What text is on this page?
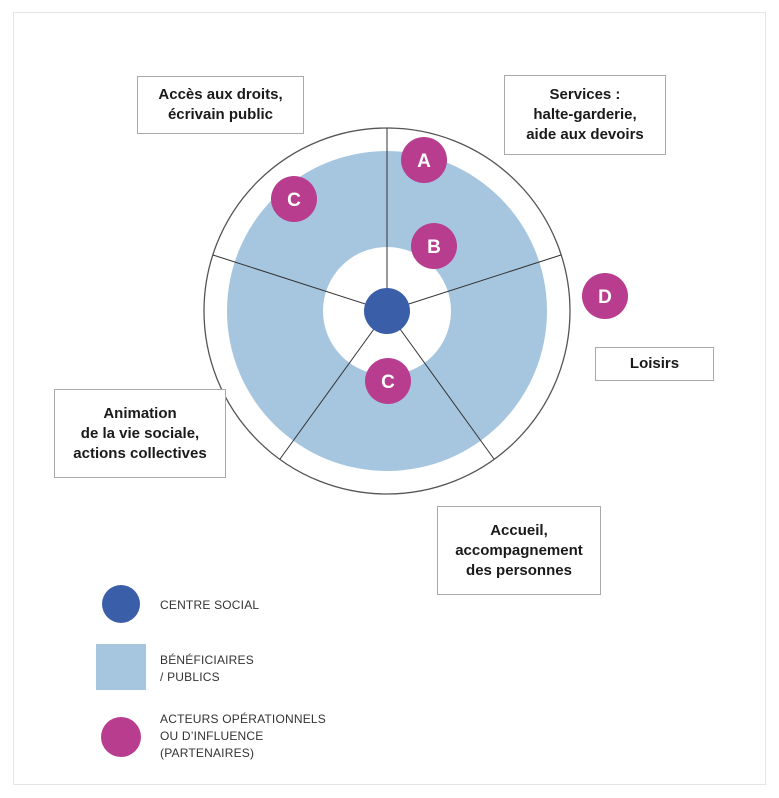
A
B
C
C
D
Accès aux droits,
écrivain public
Services :
halte-garderie,
aide aux devoirs
Loisirs
Animation
de la vie sociale,
actions collectives
Accueil,
accompagnement
des personnes
CENTRE SOCIAL
BÉNÉFICIAIRES
/ PUBLICS
ACTEURS OPÉRATIONNELS
OU D’INFLUENCE
(PARTENAIRES)
